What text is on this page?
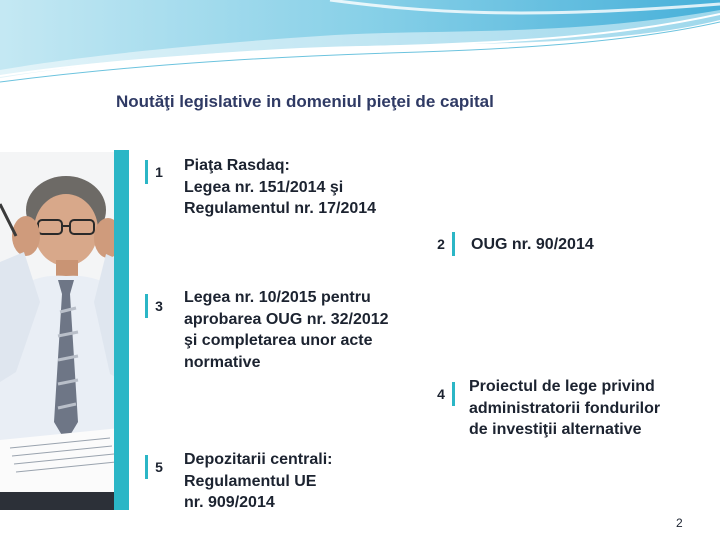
Noutăţi legislative in domeniul pieţei de capital
1	Piaţa Rasdaq:
Legea nr. 151/2014 şi
Regulamentul nr. 17/2014
2	OUG nr. 90/2014
3	Legea nr. 10/2015 pentru
aprobarea OUG nr. 32/2012
şi completarea unor acte
normative
4	Proiectul de lege privind
administratorii fondurilor
de investiţii alternative
5	Depozitarii centrali:
Regulamentul UE
nr. 909/2014
2
